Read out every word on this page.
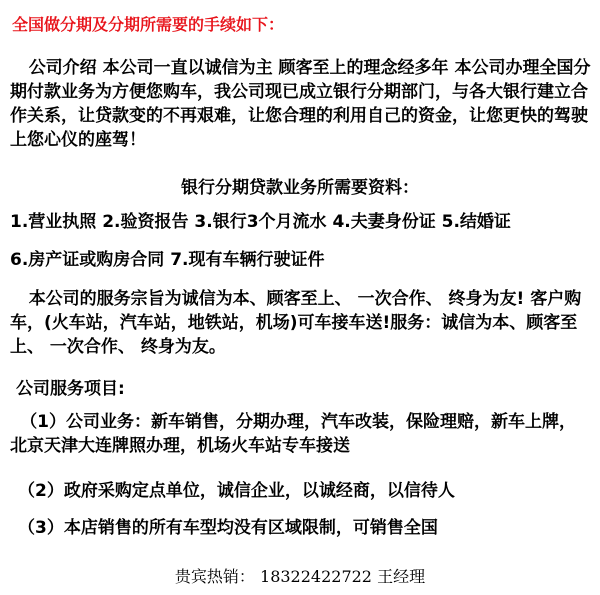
全国做分期及分期所需要的手续如下：

公司介绍 本公司一直以诚信为主 顾客至上的理念经多年 本公司办理全国分期付款业务为方便您购车，我公司现已成立银行分期部门，与各大银行建立合作关系，让贷款变的不再艰难，让您合理的利用自己的资金，让您更快的驾驶上您心仪的座驾！

银行分期贷款业务所需要资料：
1.营业执照 2.验资报告 3.银行3个月流水 4.夫妻身份证 5.结婚证
6.房产证或购房合同 7.现有车辆行驶证件

本公司的服务宗旨为诚信为本、顾客至上、 一次合作、 终身为友! 客户购车，(火车站，汽车站，地铁站，机场)可车接车送!服务：诚信为本、顾客至上、 一次合作、 终身为友。

公司服务项目:

（1）公司业务：新车销售，分期办理，汽车改装，保险理赔，新车上牌，北京天津大连牌照办理，机场火车站专车接送

（2）政府采购定点单位，诚信企业，以诚经商，以信待人
（3）本店销售的所有车型均没有区域限制，可销售全国
贵宾热销： 18322422722 王经理
